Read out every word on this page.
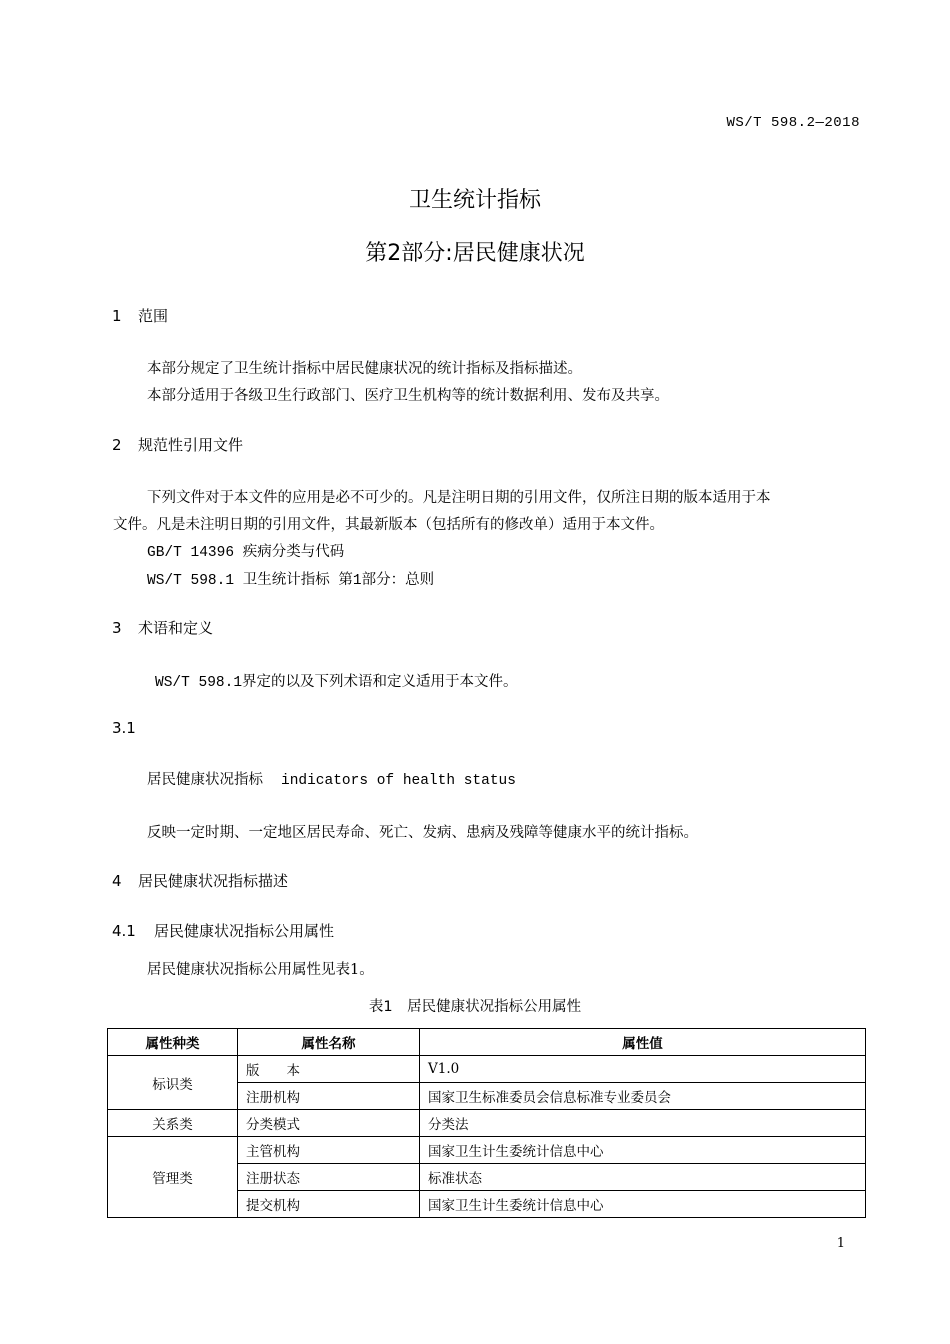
WS/T 598.2—2018
卫生统计指标
第2部分:居民健康状况
1 范围
本部分规定了卫生统计指标中居民健康状况的统计指标及指标描述。
本部分适用于各级卫生行政部门、医疗卫生机构等的统计数据利用、发布及共享。
2 规范性引用文件
下列文件对于本文件的应用是必不可少的。凡是注明日期的引用文件，仅所注日期的版本适用于本
文件。凡是未注明日期的引用文件，其最新版本（包括所有的修改单）适用于本文件。
GB/T 14396 疾病分类与代码
WS/T 598.1 卫生统计指标 第1部分：总则
3 术语和定义
WS/T 598.1界定的以及下列术语和定义适用于本文件。
3.1
居民健康状况指标 indicators of health status
反映一定时期、一定地区居民寿命、死亡、发病、患病及残障等健康水平的统计指标。
4 居民健康状况指标描述
4.1 居民健康状况指标公用属性
居民健康状况指标公用属性见表1。
表1　居民健康状况指标公用属性
属性种类	属性名称	属性值
标识类	版　　本	V1.0
	注册机构	国家卫生标准委员会信息标准专业委员会
关系类	分类模式	分类法
管理类	主管机构	国家卫生计生委统计信息中心
	注册状态	标准状态
	提交机构	国家卫生计生委统计信息中心
1
